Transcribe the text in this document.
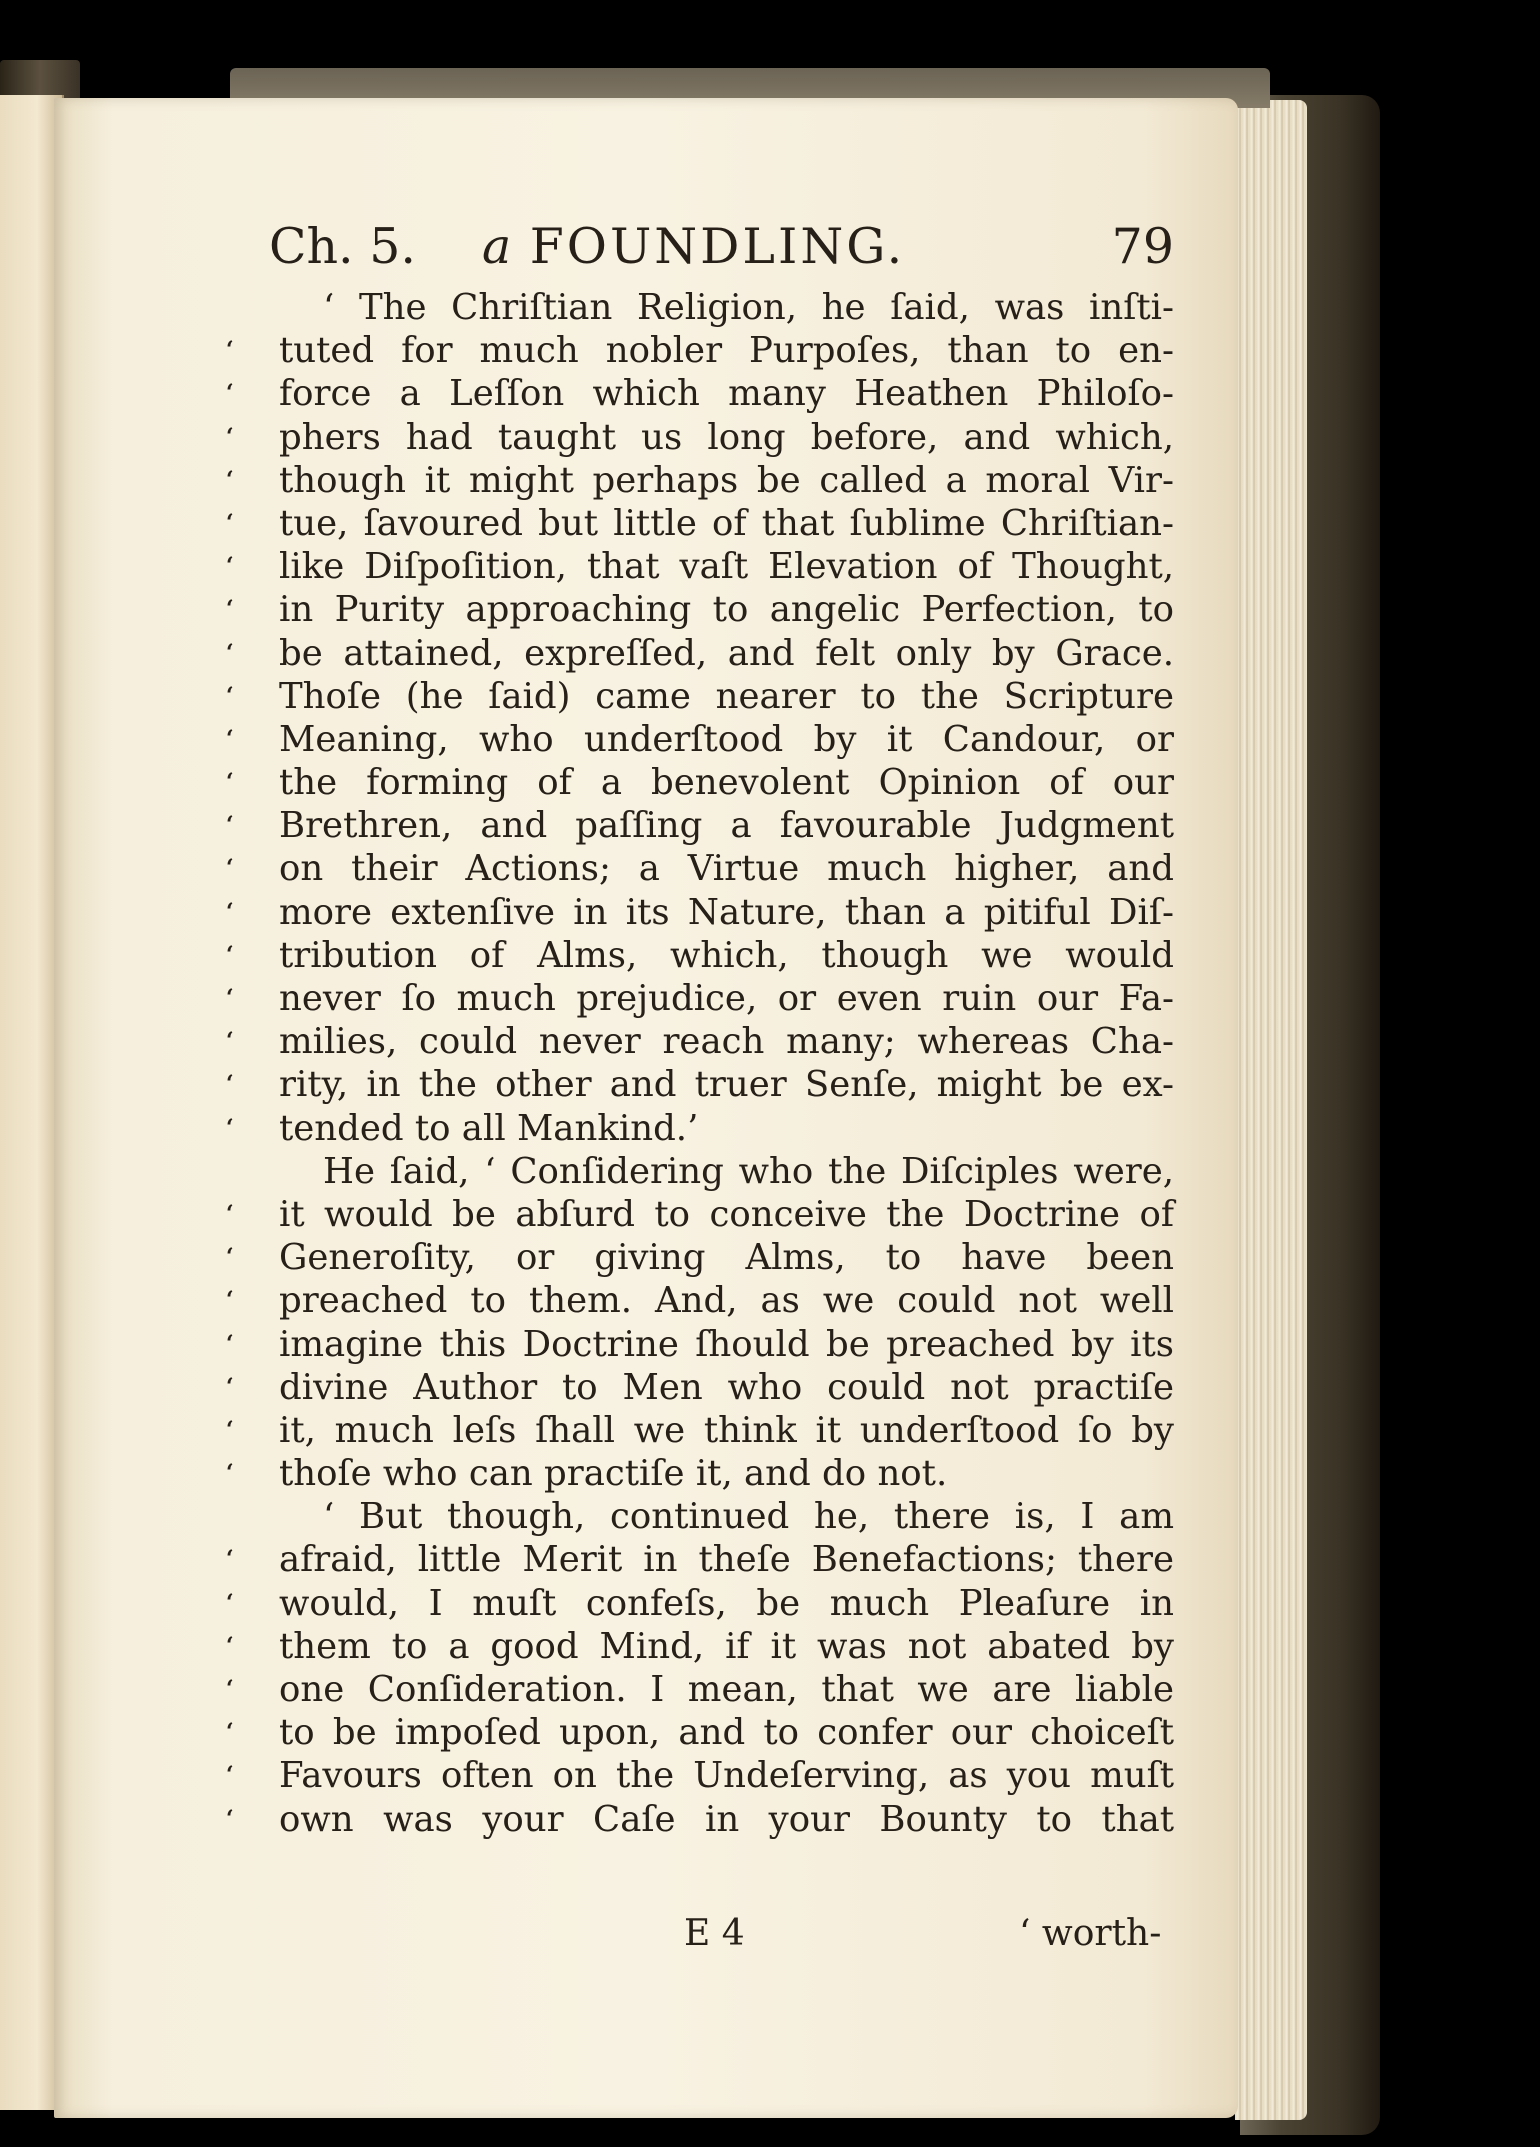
Ch. 5. a FOUNDLING.	79
‘ The Chriſtian Religion, he ſaid, was inſti-
‘ tuted for much nobler Purpoſes, than to en-
‘ force a Leſſon which many Heathen Philoſo-
‘ phers had taught us long before, and which,
‘ though it might perhaps be called a moral Vir-
‘ tue, ſavoured but little of that ſublime Chriſtian-
‘ like Diſpoſition, that vaſt Elevation of Thought,
‘ in Purity approaching to angelic Perfection, to
‘ be attained, expreſſed, and felt only by Grace.
‘ Thoſe (he ſaid) came nearer to the Scripture
‘ Meaning, who underſtood by it Candour, or
‘ the forming of a benevolent Opinion of our
‘ Brethren, and paſſing a favourable Judgment
‘ on their Actions; a Virtue much higher, and
‘ more extenſive in its Nature, than a pitiful Diſ-
‘ tribution of Alms, which, though we would
‘ never ſo much prejudice, or even ruin our Fa-
‘ milies, could never reach many; whereas Cha-
‘ rity, in the other and truer Senſe, might be ex-
‘ tended to all Mankind.’
He ſaid, ‘ Conſidering who the Diſciples were,
‘ it would be abſurd to conceive the Doctrine of
‘ Generoſity, or giving Alms, to have been
‘ preached to them. And, as we could not well
‘ imagine this Doctrine ſhould be preached by its
‘ divine Author to Men who could not practiſe
‘ it, much leſs ſhall we think it underſtood ſo by
‘ thoſe who can practiſe it, and do not.
‘ But though, continued he, there is, I am
‘ afraid, little Merit in theſe Benefactions; there
‘ would, I muſt confeſs, be much Pleaſure in
‘ them to a good Mind, if it was not abated by
‘ one Conſideration. I mean, that we are liable
‘ to be impoſed upon, and to confer our choiceſt
‘ Favours often on the Undeſerving, as you muſt
‘ own was your Caſe in your Bounty to that
E 4	‘ worth-
